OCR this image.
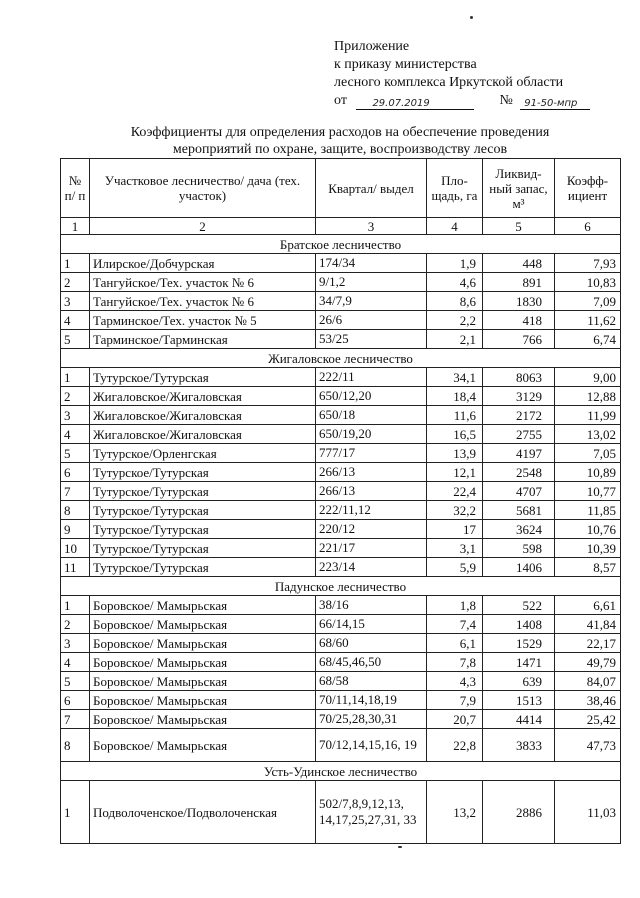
Приложение
к приказу министерства
лесного комплекса Иркутской области
от	29.07.2019	№ 91-50-мпр
Коэффициенты для определения расходов на обеспечение проведения
мероприятий по охране, защите, воспроизводству лесов
№ п/ п	Участковое лесничество/ дача (тех. участок)	Квартал/ выдел	Пло- щадь, га	Ликвид- ный запас, м³	Коэфф- ициент
1	2	3	4	5	6
Братское лесничество					
1	Илирское/Добчурская	174/34	1,9	448	7,93
2	Тангуйское/Тех. участок № 6	9/1,2	4,6	891	10,83
3	Тангуйское/Тех. участок № 6	34/7,9	8,6	1830	7,09
4	Тарминское/Тех. участок № 5	26/6	2,2	418	11,62
5	Тарминское/Тарминская	53/25	2,1	766	6,74
Жигаловское лесничество					
1	Тутурское/Тутурская	222/11	34,1	8063	9,00
2	Жигаловское/Жигаловская	650/12,20	18,4	3129	12,88
3	Жигаловское/Жигаловская	650/18	11,6	2172	11,99
4	Жигаловское/Жигаловская	650/19,20	16,5	2755	13,02
5	Тутурское/Орленгская	777/17	13,9	4197	7,05
6	Тутурское/Тутурская	266/13	12,1	2548	10,89
7	Тутурское/Тутурская	266/13	22,4	4707	10,77
8	Тутурское/Тутурская	222/11,12	32,2	5681	11,85
9	Тутурское/Тутурская	220/12	17	3624	10,76
10	Тутурское/Тутурская	221/17	3,1	598	10,39
11	Тутурское/Тутурская	223/14	5,9	1406	8,57
Падунское лесничество					
1	Боровское/ Мамырьская	38/16	1,8	522	6,61
2	Боровское/ Мамырьская	66/14,15	7,4	1408	41,84
3	Боровское/ Мамырьская	68/60	6,1	1529	22,17
4	Боровское/ Мамырьская	68/45,46,50	7,8	1471	49,79
5	Боровское/ Мамырьская	68/58	4,3	639	84,07
6	Боровское/ Мамырьская	70/11,14,18,19	7,9	1513	38,46
7	Боровское/ Мамырьская	70/25,28,30,31	20,7	4414	25,42
8	Боровское/ Мамырьская	70/12,14,15,16, 19	22,8	3833	47,73
Усть-Удинское лесничество					
1	Подволоченское/Подволоченская	502/7,8,9,12,13, 14,17,25,27,31, 33	13,2	2886	11,03
